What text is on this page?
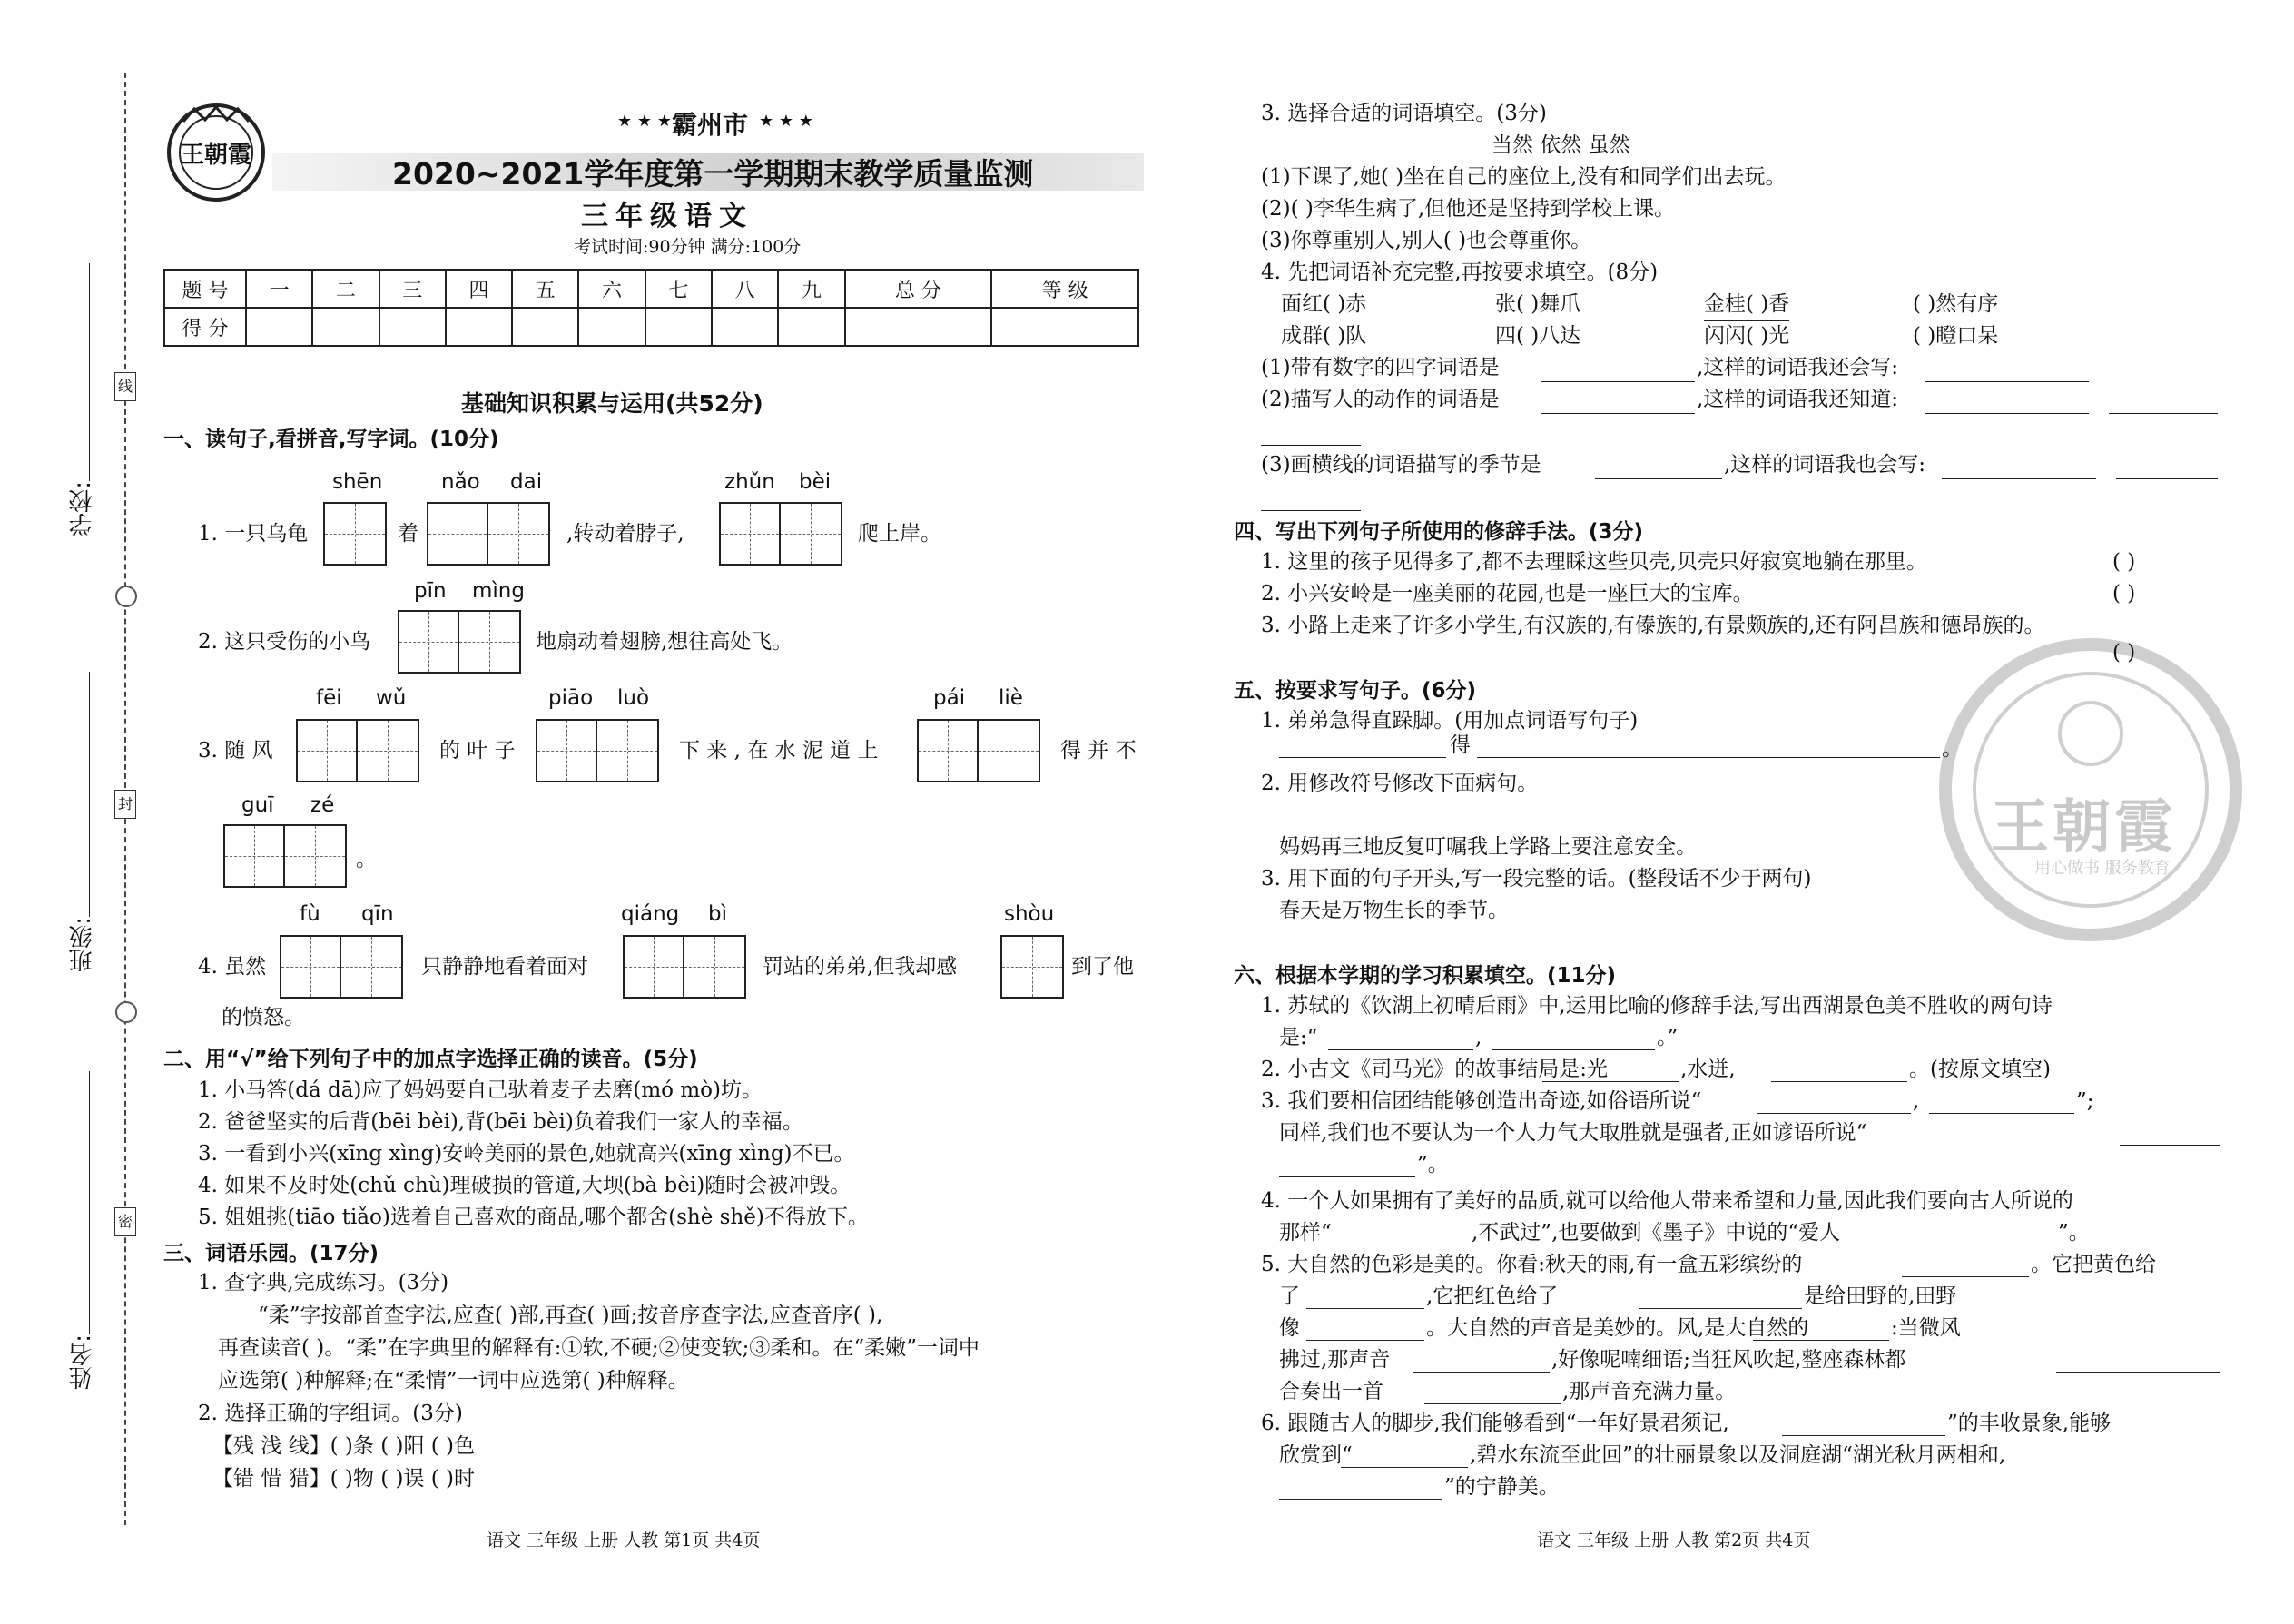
学校:
班级:
姓名:
线
封
密
王朝霞
★ ★ ★ 霸州市 ★ ★ ★
2020~2021学年度第一学期期末教学质量监测
三年级语文
考试时间:90分钟 满分:100分
题 号	一	二	三	四	五	六	七	八	九	总 分	等 级
得 分											
基础知识积累与运用(共52分)
一、读句子,看拼音,写字词。(10分)
shēn	nǎo dai	zhǔn bèi
1. 一只乌龟	着	,转动着脖子,	爬上岸。
pīn mìng
2. 这只受伤的小鸟	地扇动着翅膀,想往高处飞。
fēi wǔ	piāo luò	pái liè
3. 随 风	的 叶 子	下 来 , 在 水 泥 道 上	得 并 不
guī zé
。
fù qīn	qiáng bì	shòu
4. 虽然	只静静地看着面对	罚站的弟弟,但我却感	到了他
的愤怒。
二、用“√”给下列句子中的加点字选择正确的读音。(5分)
1. 小马答(dá dā)应了妈妈要自己驮着麦子去磨(mó mò)坊。
2. 爸爸坚实的后背(bēi bèi),背(bēi bèi)负着我们一家人的幸福。
3. 一看到小兴(xīng xìng)安岭美丽的景色,她就高兴(xīng xìng)不已。
4. 如果不及时处(chǔ chù)理破损的管道,大坝(bà bèi)随时会被冲毁。
5. 姐姐挑(tiāo tiǎo)选着自己喜欢的商品,哪个都舍(shè shě)不得放下。
三、词语乐园。(17分)
1. 查字典,完成练习。(3分)
“柔”字按部首查字法,应查( )部,再查( )画;按音序查字法,应查音序( ),
再查读音( )。“柔”在字典里的解释有:①软,不硬;②使变软;③柔和。在“柔嫩”一词中
应选第( )种解释;在“柔情”一词中应选第( )种解释。
2. 选择正确的字组词。(3分)
【残 浅 线】( )条 ( )阳 ( )色
【错 惜 猎】( )物 ( )误 ( )时
语文 三年级 上册 人教 第1页 共4页
王朝霞
用心做书 服务教育
3. 选择合适的词语填空。(3分)
当然 依然 虽然
(1)下课了,她( )坐在自己的座位上,没有和同学们出去玩。
(2)( )李华生病了,但他还是坚持到学校上课。
(3)你尊重别人,别人( )也会尊重你。
4. 先把词语补充完整,再按要求填空。(8分)
面红( )赤	张( )舞爪	金桂( )香	( )然有序
成群( )队	四( )八达	闪闪( )光	( )瞪口呆
(1)带有数字的四字词语是	,这样的词语我还会写:
(2)描写人的动作的词语是	,这样的词语我还知道:
(3)画横线的词语描写的季节是	,这样的词语我也会写:
四、写出下列句子所使用的修辞手法。(3分)
1. 这里的孩子见得多了,都不去理睬这些贝壳,贝壳只好寂寞地躺在那里。	( )
2. 小兴安岭是一座美丽的花园,也是一座巨大的宝库。	( )
3. 小路上走来了许多小学生,有汉族的,有傣族的,有景颇族的,还有阿昌族和德昂族的。
( )
五、按要求写句子。(6分)
1. 弟弟急得直跺脚。(用加点词语写句子)
得	。
2. 用修改符号修改下面病句。
妈妈再三地反复叮嘱我上学路上要注意安全。
3. 用下面的句子开头,写一段完整的话。(整段话不少于两句)
春天是万物生长的季节。
六、根据本学期的学习积累填空。(11分)
1. 苏轼的《饮湖上初晴后雨》中,运用比喻的修辞手法,写出西湖景色美不胜收的两句诗
是:“	,	。”
2. 小古文《司马光》的故事结局是:光	,水迸,	。(按原文填空)
3. 我们要相信团结能够创造出奇迹,如俗语所说“	,	”;
同样,我们也不要认为一个人力气大取胜就是强者,正如谚语所说“
”。
4. 一个人如果拥有了美好的品质,就可以给他人带来希望和力量,因此我们要向古人所说的
那样“	,不武过”,也要做到《墨子》中说的“爱人	”。
5. 大自然的色彩是美的。你看:秋天的雨,有一盒五彩缤纷的	。它把黄色给
了	,它把红色给了	是给田野的,田野
像	。大自然的声音是美妙的。风,是大自然的	:当微风
拂过,那声音	,好像呢喃细语;当狂风吹起,整座森林都
合奏出一首	,那声音充满力量。
6. 跟随古人的脚步,我们能够看到“一年好景君须记,	”的丰收景象,能够
欣赏到“	,碧水东流至此回”的壮丽景象以及洞庭湖“湖光秋月两相和,
”的宁静美。
语文 三年级 上册 人教 第2页 共4页
